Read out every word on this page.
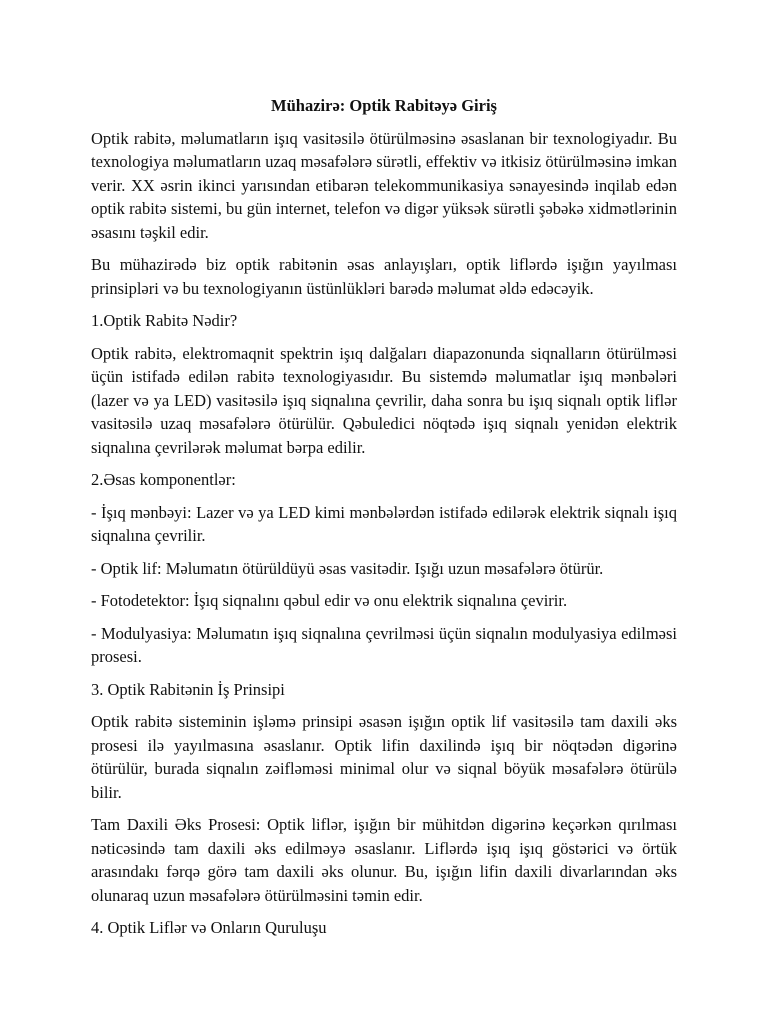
Mühazirə: Optik Rabitəyə Giriş

Optik rabitə, məlumatların işıq vasitəsilə ötürülməsinə əsaslanan bir texnologiyadır. Bu texnologiya məlumatların uzaq məsafələrə sürətli, effektiv və itkisiz ötürülməsinə imkan verir. XX əsrin ikinci yarısından etibarən telekommunikasiya sənayesində inqilab edən optik rabitə sistemi, bu gün internet, telefon və digər yüksək sürətli şəbəkə xidmətlərinin əsasını təşkil edir.

Bu mühazirədə biz optik rabitənin əsas anlayışları, optik liflərdə işığın yayılması prinsipləri və bu texnologiyanın üstünlükləri barədə məlumat əldə edəcəyik.

1.Optik Rabitə Nədir?

Optik rabitə, elektromaqnit spektrin işıq dalğaları diapazonunda siqnalların ötürülməsi üçün istifadə edilən rabitə texnologiyasıdır. Bu sistemdə məlumatlar işıq mənbələri (lazer və ya LED) vasitəsilə işıq siqnalına çevrilir, daha sonra bu işıq siqnalı optik liflər vasitəsilə uzaq məsafələrə ötürülür. Qəbuledici nöqtədə işıq siqnalı yenidən elektrik siqnalına çevrilərək məlumat bərpa edilir.

2.Əsas komponentlər:

- İşıq mənbəyi: Lazer və ya LED kimi mənbələrdən istifadə edilərək elektrik siqnalı işıq siqnalına çevrilir.

- Optik lif: Məlumatın ötürüldüyü əsas vasitədir. Işığı uzun məsafələrə ötürür.

- Fotodetektor: İşıq siqnalını qəbul edir və onu elektrik siqnalına çevirir.

- Modulyasiya: Məlumatın işıq siqnalına çevrilməsi üçün siqnalın modulyasiya edilməsi prosesi.

3. Optik Rabitənin İş Prinsipi

Optik rabitə sisteminin işləmə prinsipi əsasən işığın optik lif vasitəsilə tam daxili əks prosesi ilə yayılmasına əsaslanır. Optik lifin daxilində işıq bir nöqtədən digərinə ötürülür, burada siqnalın zəifləməsi minimal olur və siqnal böyük məsafələrə ötürülə bilir.

Tam Daxili Əks Prosesi: Optik liflər, işığın bir mühitdən digərinə keçərkən qırılması nəticəsində tam daxili əks edilməyə əsaslanır. Liflərdə işıq işıq göstərici və örtük arasındakı fərqə görə tam daxili əks olunur. Bu, işığın lifin daxili divarlarından əks olunaraq uzun məsafələrə ötürülməsini təmin edir.

4. Optik Liflər və Onların Quruluşu
